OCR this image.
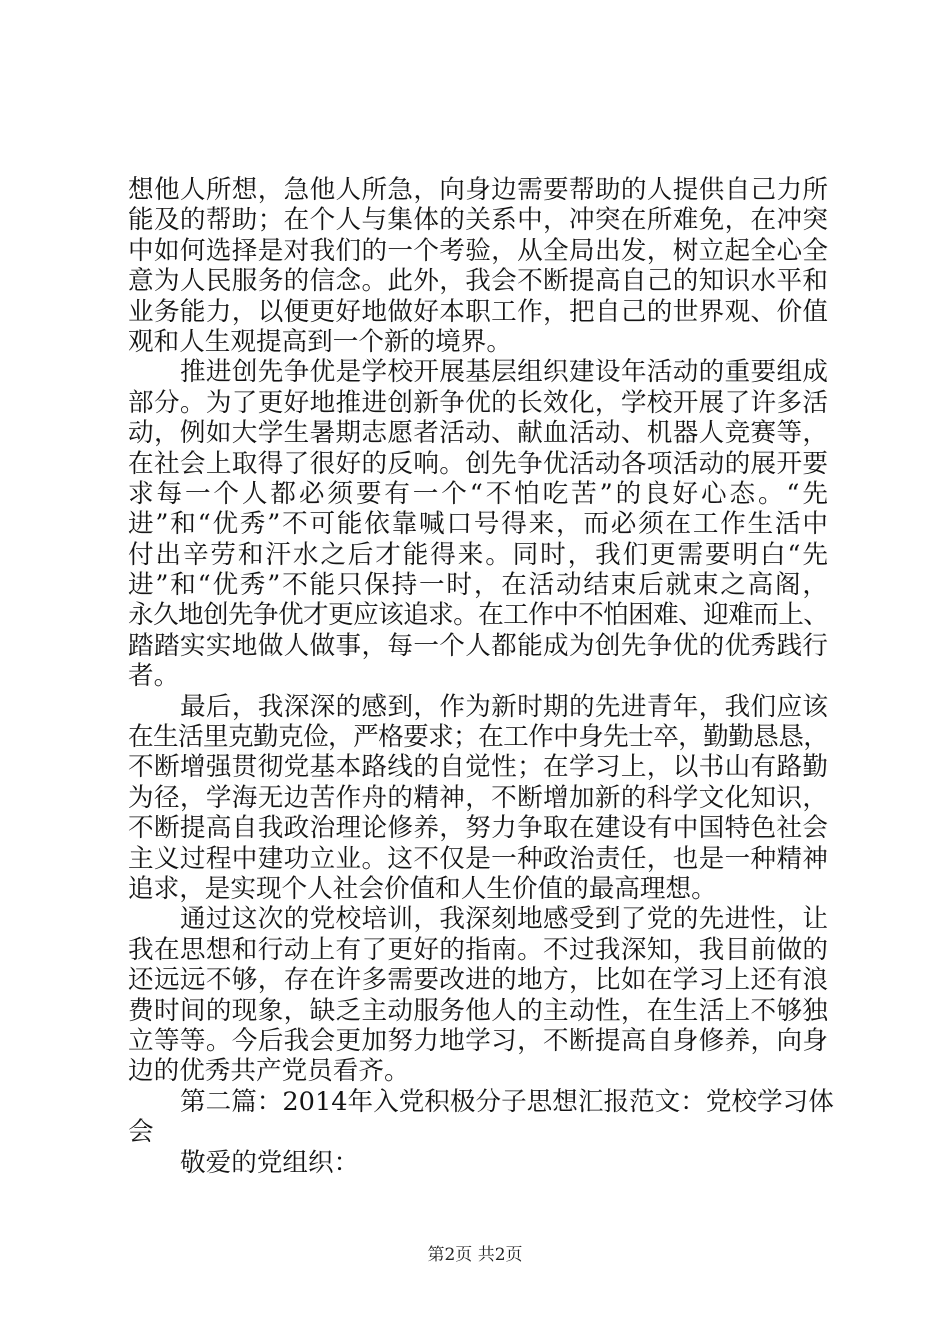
想他人所想，急他人所急，向身边需要帮助的人提供自己力所
能及的帮助；在个人与集体的关系中，冲突在所难免，在冲突
中如何选择是对我们的一个考验，从全局出发，树立起全心全
意为人民服务的信念。此外，我会不断提高自己的知识水平和
业务能力，以便更好地做好本职工作，把自己的世界观、价值
观和人生观提高到一个新的境界。
推进创先争优是学校开展基层组织建设年活动的重要组成
部分。为了更好地推进创新争优的长效化，学校开展了许多活
动，例如大学生暑期志愿者活动、献血活动、机器人竞赛等，
在社会上取得了很好的反响。创先争优活动各项活动的展开要
求每一个人都必须要有一个“不怕吃苦”的良好心态。“先
进”和“优秀”不可能依靠喊口号得来，而必须在工作生活中
付出辛劳和汗水之后才能得来。同时，我们更需要明白“先
进”和“优秀”不能只保持一时，在活动结束后就束之高阁，
永久地创先争优才更应该追求。在工作中不怕困难、迎难而上、
踏踏实实地做人做事，每一个人都能成为创先争优的优秀践行
者。
最后，我深深的感到，作为新时期的先进青年，我们应该
在生活里克勤克俭，严格要求；在工作中身先士卒，勤勤恳恳，
不断增强贯彻党基本路线的自觉性；在学习上，以书山有路勤
为径，学海无边苦作舟的精神，不断增加新的科学文化知识，
不断提高自我政治理论修养，努力争取在建设有中国特色社会
主义过程中建功立业。这不仅是一种政治责任，也是一种精神
追求，是实现个人社会价值和人生价值的最高理想。
通过这次的党校培训，我深刻地感受到了党的先进性，让
我在思想和行动上有了更好的指南。不过我深知，我目前做的
还远远不够，存在许多需要改进的地方，比如在学习上还有浪
费时间的现象，缺乏主动服务他人的主动性，在生活上不够独
立等等。今后我会更加努力地学习，不断提高自身修养，向身
边的优秀共产党员看齐。
第二篇：2014年入党积极分子思想汇报范文：党校学习体
会
敬爱的党组织：
第2页 共2页
